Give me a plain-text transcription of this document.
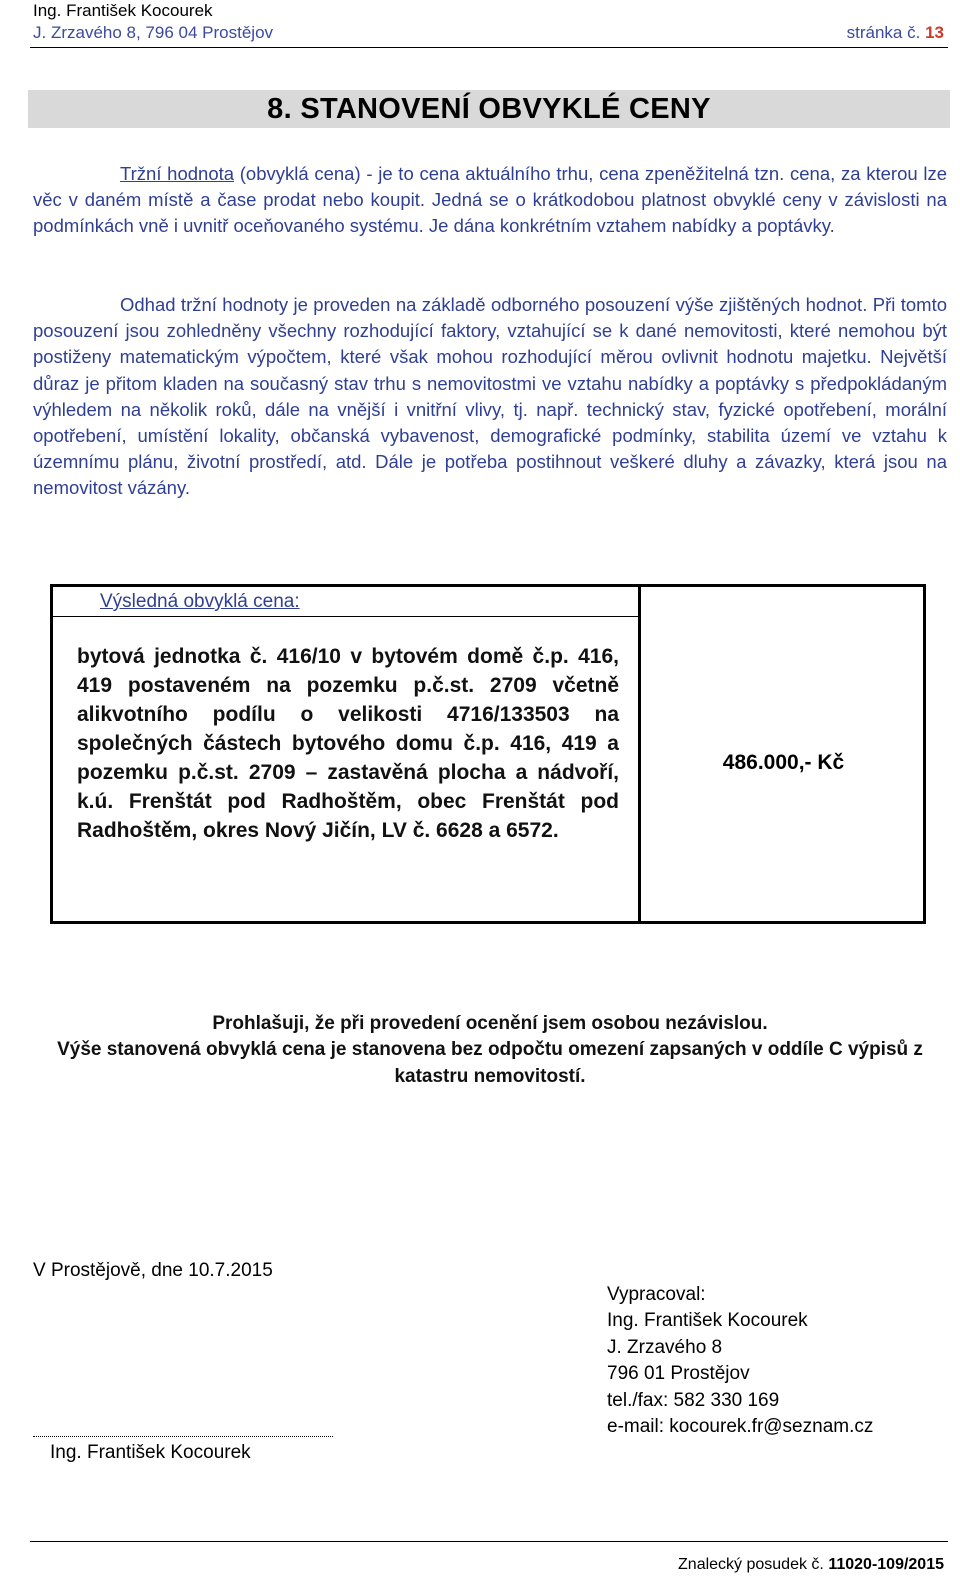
Ing. František Kocourek
J. Zrzavého 8, 796 04 Prostějov	stránka č. 13
8. STANOVENÍ OBVYKLÉ CENY
Tržní hodnota (obvyklá cena) - je to cena aktuálního trhu, cena zpeněžitelná tzn. cena, za kterou lze věc v daném místě a čase prodat nebo koupit. Jedná se o krátkodobou platnost obvyklé ceny v závislosti na podmínkách vně i uvnitř oceňovaného systému. Je dána konkrétním vztahem nabídky a poptávky.
Odhad tržní hodnoty je proveden na základě odborného posouzení výše zjištěných hodnot. Při tomto posouzení jsou zohledněny všechny rozhodující faktory, vztahující se k dané nemovitosti, které nemohou být postiženy matematickým výpočtem, které však mohou rozhodující měrou ovlivnit hodnotu majetku. Největší důraz je přitom kladen na současný stav trhu s nemovitostmi ve vztahu nabídky a poptávky s předpokládaným výhledem na několik roků, dále na vnější i vnitřní vlivy, tj. např. technický stav, fyzické opotřebení, morální opotřebení, umístění lokality, občanská vybavenost, demografické podmínky, stabilita území ve vztahu k územnímu plánu, životní prostředí, atd. Dále je potřeba postihnout veškeré dluhy a závazky, která jsou na nemovitost vázány.
Výsledná obvyklá cena:
bytová jednotka č. 416/10 v bytovém domě č.p. 416, 419 postaveném na pozemku p.č.st. 2709 včetně alikvotního podílu o velikosti 4716/133503 na společných částech bytového domu č.p. 416, 419 a pozemku p.č.st. 2709 – zastavěná plocha a nádvoří, k.ú. Frenštát pod Radhoštěm, obec Frenštát pod Radhoštěm, okres Nový Jičín, LV č. 6628 a 6572.
486.000,- Kč
Prohlašuji, že při provedení ocenění jsem osobou nezávislou.
Výše stanovená obvyklá cena je stanovena bez odpočtu omezení zapsaných v oddíle C výpisů z katastru nemovitostí.
V Prostějově, dne 10.7.2015
Ing. František Kocourek
Vypracoval:
Ing. František Kocourek
J. Zrzavého 8
796 01 Prostějov
tel./fax: 582 330 169
e-mail: kocourek.fr@seznam.cz
Znalecký posudek č. 11020-109/2015
